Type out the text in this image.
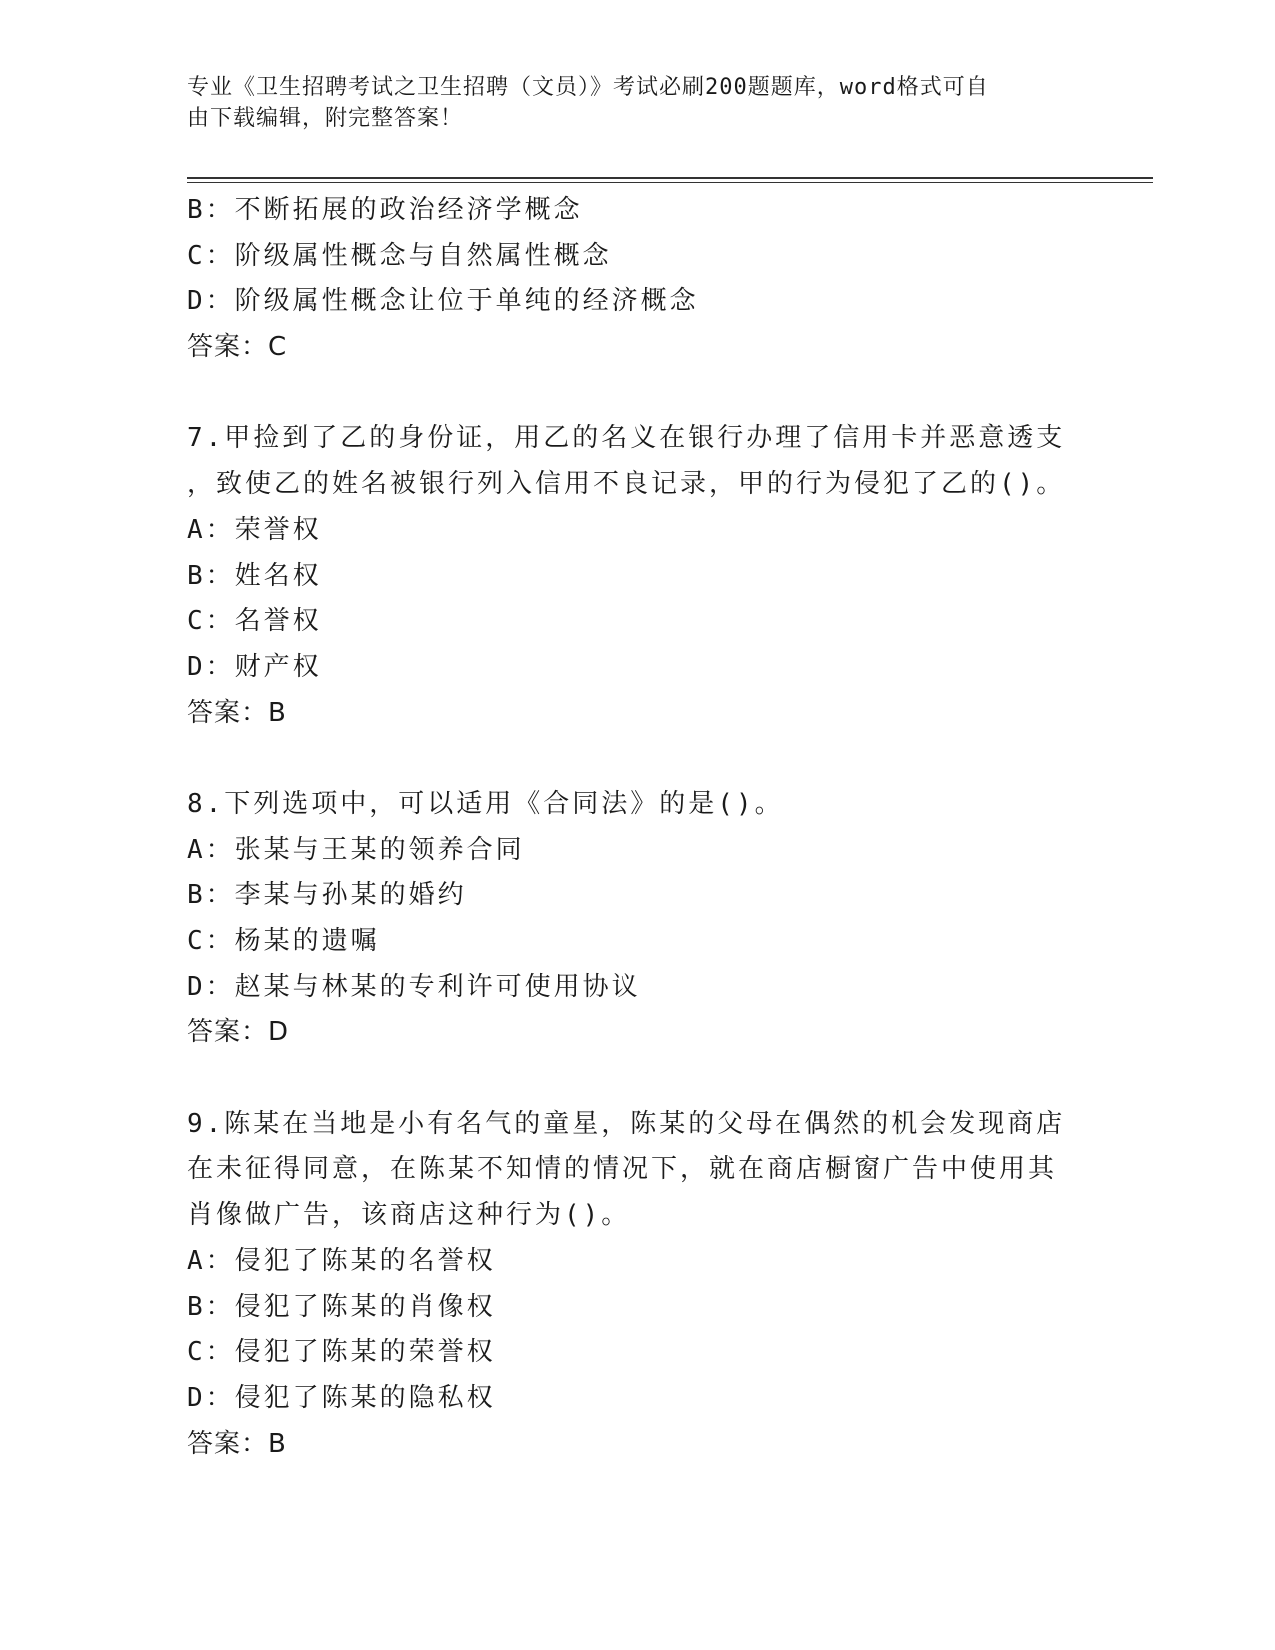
专业《卫生招聘考试之卫生招聘（文员）》考试必刷200题题库，word格式可自
由下载编辑，附完整答案！
B：不断拓展的政治经济学概念
C：阶级属性概念与自然属性概念
D：阶级属性概念让位于单纯的经济概念
答案：C
7.甲捡到了乙的身份证，用乙的名义在银行办理了信用卡并恶意透支
，致使乙的姓名被银行列入信用不良记录，甲的行为侵犯了乙的()。
A：荣誉权
B：姓名权
C：名誉权
D：财产权
答案：B
8.下列选项中，可以适用《合同法》的是()。
A：张某与王某的领养合同
B：李某与孙某的婚约
C：杨某的遗嘱
D：赵某与林某的专利许可使用协议
答案：D
9.陈某在当地是小有名气的童星，陈某的父母在偶然的机会发现商店
在未征得同意，在陈某不知情的情况下，就在商店橱窗广告中使用其
肖像做广告，该商店这种行为()。
A：侵犯了陈某的名誉权
B：侵犯了陈某的肖像权
C：侵犯了陈某的荣誉权
D：侵犯了陈某的隐私权
答案：B
